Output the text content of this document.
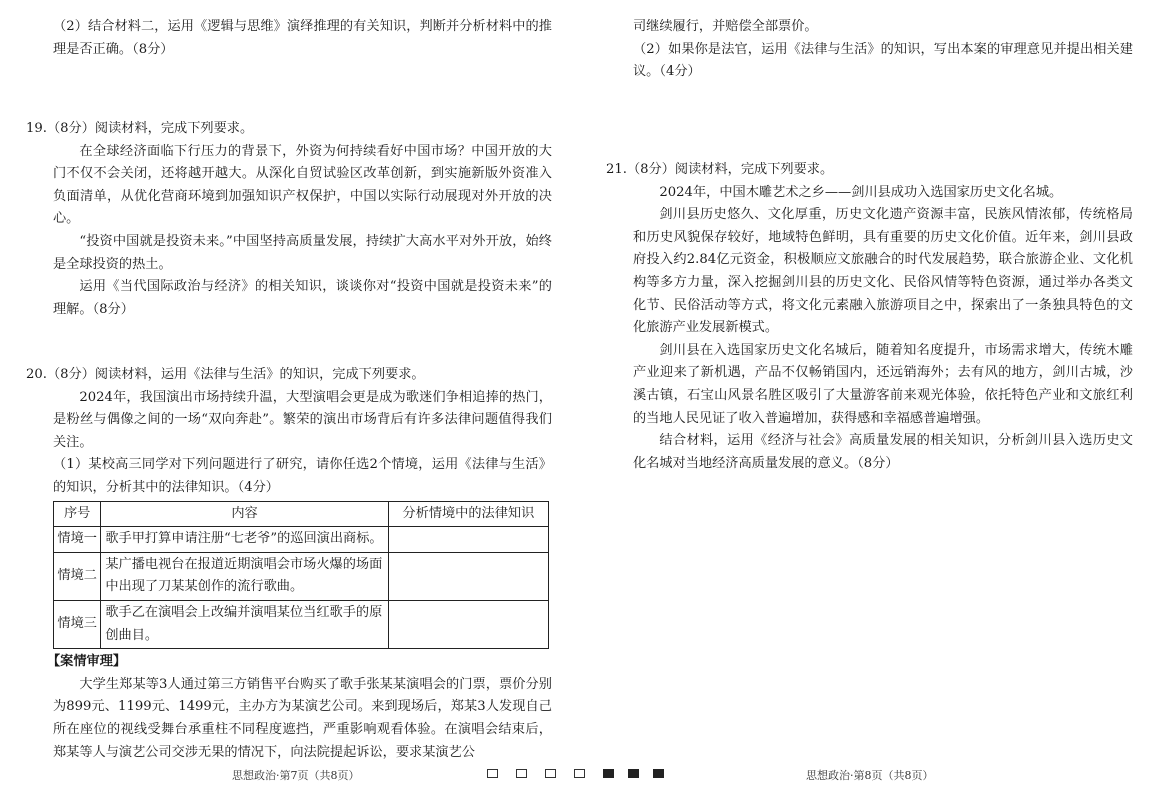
（2）结合材料二，运用《逻辑与思维》演绎推理的有关知识，判断并分析材料中的推理是否正确。（8分）

19.（8分）阅读材料，完成下列要求。

在全球经济面临下行压力的背景下，外资为何持续看好中国市场？中国开放的大门不仅不会关闭，还将越开越大。从深化自贸试验区改革创新，到实施新版外资准入负面清单，从优化营商环境到加强知识产权保护，中国以实际行动展现对外开放的决心。

“投资中国就是投资未来。”中国坚持高质量发展，持续扩大高水平对外开放，始终是全球投资的热土。

运用《当代国际政治与经济》的相关知识，谈谈你对“投资中国就是投资未来”的理解。（8分）

20.（8分）阅读材料，运用《法律与生活》的知识，完成下列要求。

2024年，我国演出市场持续升温，大型演唱会更是成为歌迷们争相追捧的热门，是粉丝与偶像之间的一场“双向奔赴”。繁荣的演出市场背后有许多法律问题值得我们关注。

（1）某校高三同学对下列问题进行了研究，请你任选2个情境，运用《法律与生活》的知识，分析其中的法律知识。（4分）

序号	内容	分析情境中的法律知识
情境一	歌手甲打算申请注册“七老爷”的巡回演出商标。	
情境二	某广播电视台在报道近期演唱会市场火爆的场面中出现了刀某某创作的流行歌曲。	
情境三	歌手乙在演唱会上改编并演唱某位当红歌手的原创曲目。	

【案情审理】

大学生郑某等3人通过第三方销售平台购买了歌手张某某演唱会的门票，票价分别为899元、1199元、1499元，主办方为某演艺公司。来到现场后，郑某3人发现自己所在座位的视线受舞台承重柱不同程度遮挡，严重影响观看体验。在演唱会结束后，郑某等人与演艺公司交涉无果的情况下，向法院提起诉讼，要求某演艺公

思想政治·第7页（共8页）

司继续履行，并赔偿全部票价。

（2）如果你是法官，运用《法律与生活》的知识，写出本案的审理意见并提出相关建议。（4分）

21.（8分）阅读材料，完成下列要求。

2024年，中国木雕艺术之乡——剑川县成功入选国家历史文化名城。

剑川县历史悠久、文化厚重，历史文化遗产资源丰富，民族风情浓郁，传统格局和历史风貌保存较好，地域特色鲜明，具有重要的历史文化价值。近年来，剑川县政府投入约2.84亿元资金，积极顺应文旅融合的时代发展趋势，联合旅游企业、文化机构等多方力量，深入挖掘剑川县的历史文化、民俗风情等特色资源，通过举办各类文化节、民俗活动等方式，将文化元素融入旅游项目之中，探索出了一条独具特色的文化旅游产业发展新模式。

剑川县在入选国家历史文化名城后，随着知名度提升，市场需求增大，传统木雕产业迎来了新机遇，产品不仅畅销国内，还远销海外；去有风的地方，剑川古城，沙溪古镇，石宝山风景名胜区吸引了大量游客前来观光体验，依托特色产业和文旅红利的当地人民见证了收入普遍增加，获得感和幸福感普遍增强。

结合材料，运用《经济与社会》高质量发展的相关知识，分析剑川县入选历史文化名城对当地经济高质量发展的意义。（8分）

思想政治·第8页（共8页）
